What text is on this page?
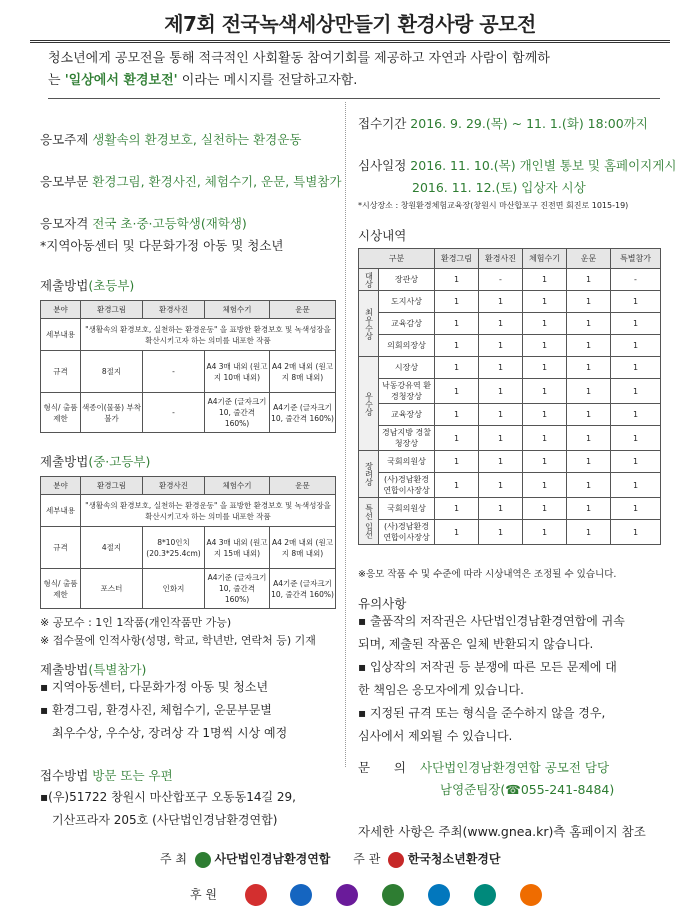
제7회 전국녹색세상만들기 환경사랑 공모전
청소년에게 공모전을 통해 적극적인 사회활동 참여기회를 제공하고 자연과 사람이 함께하
는 '일상에서 환경보전' 이라는 메시지를 전달하고자함.
응모주제 생활속의 환경보호, 실천하는 환경운동
응모부문 환경그림, 환경사진, 체험수기, 운문, 특별참가
응모자격 전국 초·중·고등학생(재학생)
*지역아동센터 및 다문화가정 아동 및 청소년
제출방법(초등부)
분야	환경그림	환경사진	체험수기	운문
세부내용	"생활속의 환경보호, 실천하는 환경운동" 을 표방한 환경보호 및 녹색성장을 확산시키고자 하는 의미를 내포한 작품			
규격	8절지	-	A4 3매 내외 (원고지 10매 내외)	A4 2매 내외 (원고지 8매 내외)
형식/ 출품제한	색종이(물품) 부착불가	-	A4기준 (글자크기 10, 줄간격 160%)	A4기준 (글자크기 10, 줄간격 160%)
제출방법(중·고등부)
분야	환경그림	환경사진	체험수기	운문
세부내용	"생활속의 환경보호, 실천하는 환경운동" 을 표방한 환경보호 및 녹색성장을 확산시키고자 하는 의미를 내포한 작품			
규격	4절지	8*10인치 (20.3*25.4cm)	A4 3매 내외 (원고지 15매 내외)	A4 2매 내외 (원고지 8매 내외)
형식/ 출품제한	포스터	인화지	A4기준 (글자크기 10, 줄간격 160%)	A4기준 (글자크기 10, 줄간격 160%)
※ 공모수 : 1인 1작품(개인작품만 가능)
※ 접수물에 인적사항(성명, 학교, 학년반, 연락처 등) 기재
제출방법(특별참가)
▪ 지역아동센터, 다문화가정 아동 및 청소년
▪ 환경그림, 환경사진, 체험수기, 운문부문별
최우수상, 우수상, 장려상 각 1명씩 시상 예정
접수방법 방문 또는 우편
▪(우)51722 창원시 마산합포구 오동동14길 29,
기산프라자 205호 (사단법인경남환경연합)
접수기간 2016. 9. 29.(목) ~ 11. 1.(화) 18:00까지
심사일정 2016. 11. 10.(목) 개인별 통보 및 홈페이지게시
2016. 11. 12.(토) 입상자 시상
*시상장소 : 창원환경체험교육장(창원시 마산합포구 진전면 회진로 1015-19)
시상내역
구분		환경그림	환경사진	체험수기	운문	특별참가
대상	장관상	1	-	1	1	-
최우수상	도지사상	1	1	1	1	1
	교육감상	1	1	1	1	1
	의회의장상	1	1	1	1	1
우수상	시장상	1	1	1	1	1
	낙동강유역 환경청장상	1	1	1	1	1
	교육장상	1	1	1	1	1
	경남지방 경찰청장상	1	1	1	1	1
장려상	국회의원상	1	1	1	1	1
	(사)경남환경 연합이사장상	1	1	1	1	1
특선 입선	국회의원상	1	1	1	1	1
	(사)경남환경 연합이사장상	1	1	1	1	1
※응모 작품 수 및 수준에 따라 시상내역은 조정될 수 있습니다.
유의사항
▪ 출품작의 저작권은 사단법인경남환경연합에 귀속
되며, 제출된 작품은 일체 반환되지 않습니다.
▪ 입상작의 저작권 등 분쟁에 따른 모든 문제에 대
한 책임은 응모자에게 있습니다.
▪ 지정된 규격 또는 형식을 준수하지 않을 경우,
심사에서 제외될 수 있습니다.
문      의 사단법인경남환경연합 공모전 담당
남영준팀장(☎055-241-8484)
자세한 사항은 주최(www.gnea.kr)측 홈페이지 참조
주 최 사단법인경남환경연합 주 관 한국청소년환경단
후 원
